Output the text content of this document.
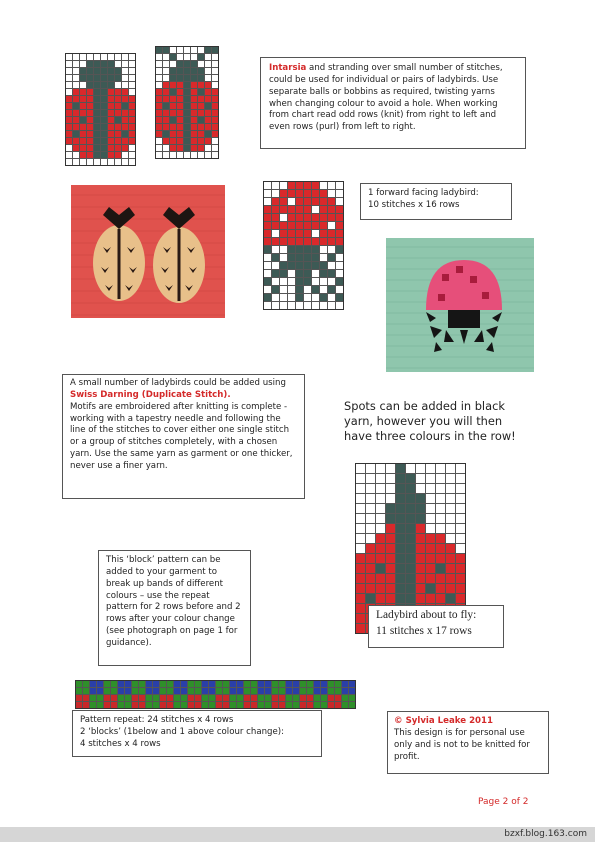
Intarsia and stranding over small number of stitches, could be used for individual or pairs of ladybirds. Use separate balls or bobbins as required, twisting yarns when changing colour to avoid a hole. When working from chart read odd rows (knit) from right to left and even rows (purl) from left to right.
1 forward facing ladybird:
10 stitches x 16 rows
A small number of ladybirds could be added using Swiss Darning (Duplicate Stitch).
Motifs are embroidered after knitting is complete - working with a tapestry needle and following the line of the stitches to cover either one single stitch or a group of stitches completely, with a chosen yarn. Use the same yarn as garment or one thicker, never use a finer yarn.
Spots can be added in black yarn, however you will then have three colours in the row!
Ladybird about to fly:
11 stitches x 17 rows
This ‘block’ pattern can be added to your garment to break up bands of different colours – use the repeat pattern for 2 rows before and 2 rows after your colour change (see photograph on page 1 for guidance).
Pattern repeat: 24 stitches x 4 rows
2 ‘blocks’ (1below and 1 above colour change):
4 stitches x 4 rows
© Sylvia Leake 2011
This design is for personal use only and is not to be knitted for profit.
Page 2 of 2
bzxf.blog.163.com
